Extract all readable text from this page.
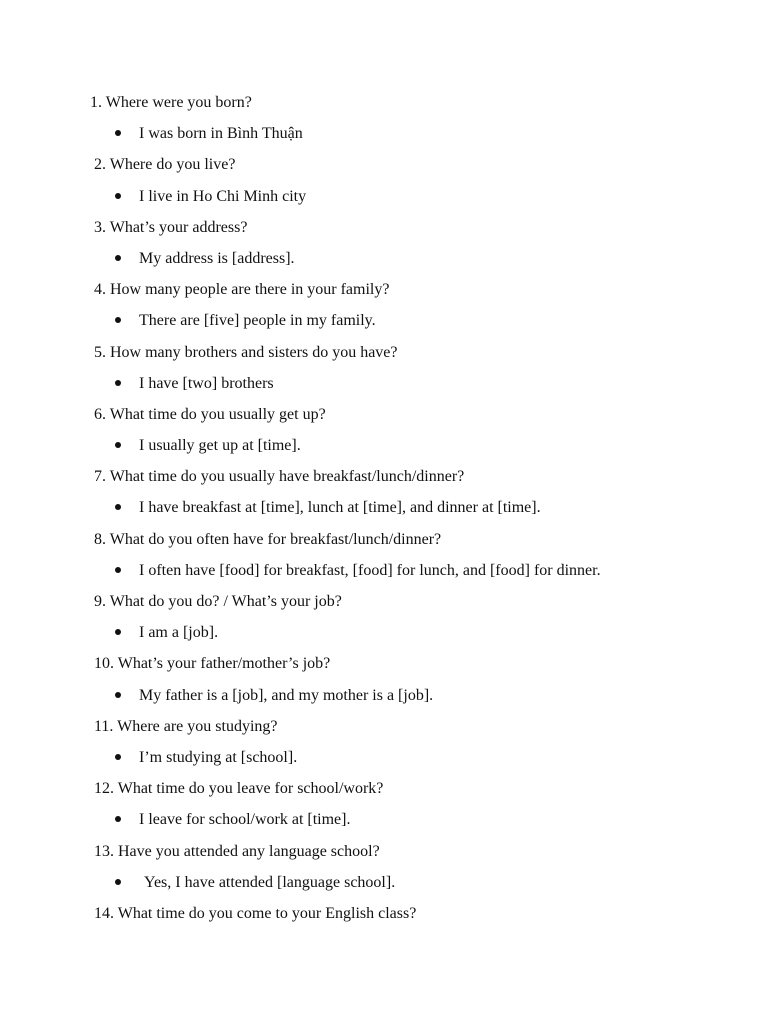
1. Where were you born?
I was born in Bình Thuận
2. Where do you live?
I live in Ho Chi Minh city
3. What’s your address?
My address is [address].
4. How many people are there in your family?
There are [five] people in my family.
5. How many brothers and sisters do you have?
I have [two] brothers
6. What time do you usually get up?
I usually get up at [time].
7. What time do you usually have breakfast/lunch/dinner?
I have breakfast at [time], lunch at [time], and dinner at [time].
8. What do you often have for breakfast/lunch/dinner?
I often have [food] for breakfast, [food] for lunch, and [food] for dinner.
9. What do you do? / What’s your job?
I am a [job].
10. What’s your father/mother’s job?
My father is a [job], and my mother is a [job].
11. Where are you studying?
I’m studying at [school].
12. What time do you leave for school/work?
I leave for school/work at [time].
13. Have you attended any language school?
Yes, I have attended [language school].
14. What time do you come to your English class?
